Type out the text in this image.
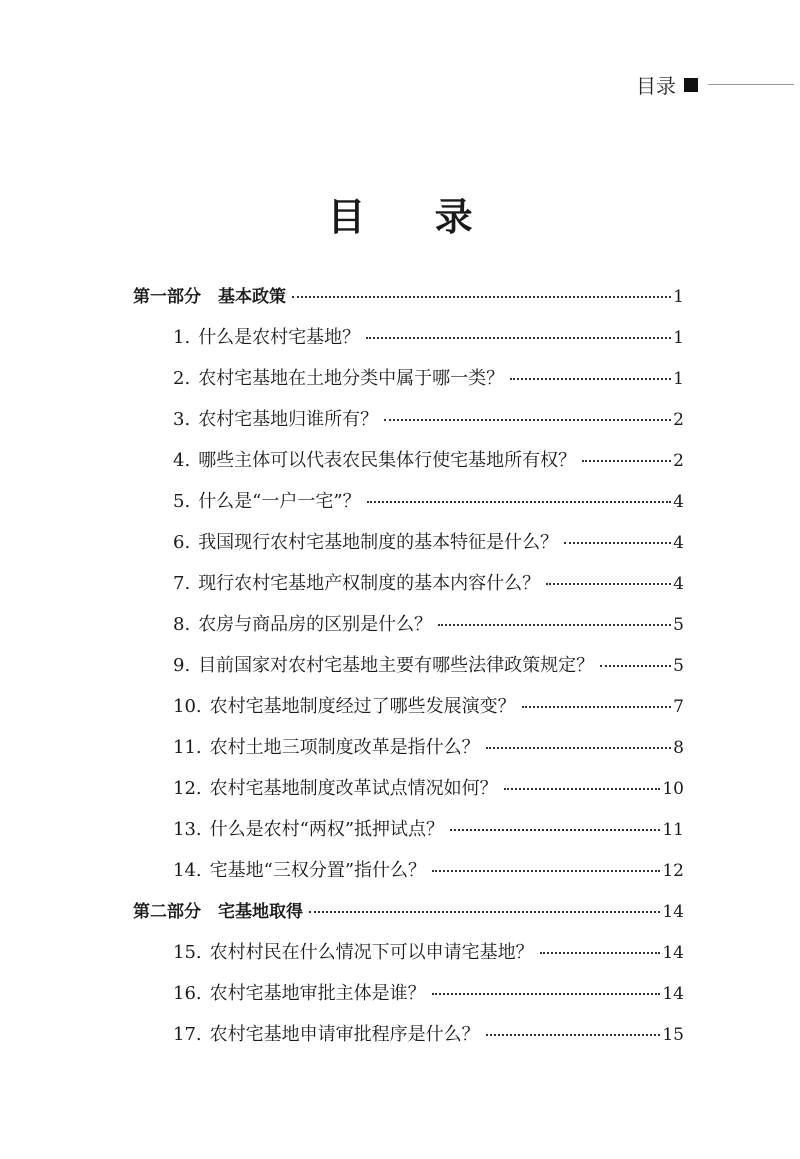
目录
目 录
第一部分　基本政策	1
1. 什么是农村宅基地？	1
2. 农村宅基地在土地分类中属于哪一类？	1
3. 农村宅基地归谁所有？	2
4. 哪些主体可以代表农民集体行使宅基地所有权？	2
5. 什么是“一户一宅”？	4
6. 我国现行农村宅基地制度的基本特征是什么？	4
7. 现行农村宅基地产权制度的基本内容什么？	4
8. 农房与商品房的区别是什么？	5
9. 目前国家对农村宅基地主要有哪些法律政策规定？	5
10. 农村宅基地制度经过了哪些发展演变？	7
11. 农村土地三项制度改革是指什么？	8
12. 农村宅基地制度改革试点情况如何？	10
13. 什么是农村“两权”抵押试点？	11
14. 宅基地“三权分置”指什么？	12
第二部分　宅基地取得	14
15. 农村村民在什么情况下可以申请宅基地？	14
16. 农村宅基地审批主体是谁？	14
17. 农村宅基地申请审批程序是什么？	15
